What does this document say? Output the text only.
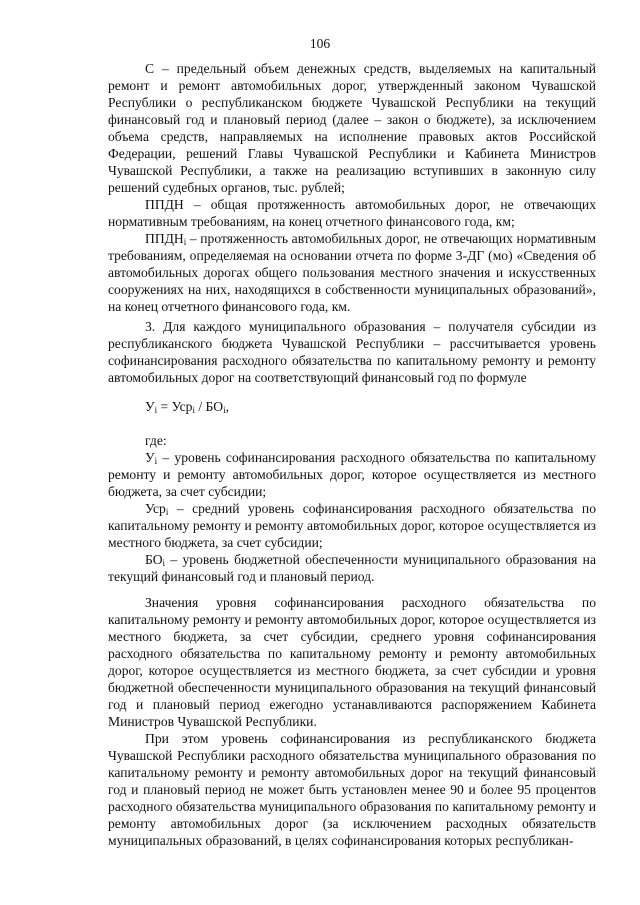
106

С – предельный объем денежных средств, выделяемых на капитальный ремонт и ремонт автомобильных дорог, утвержденный законом Чувашской Республики о республиканском бюджете Чувашской Республики на текущий финансовый год и плановый период (далее – закон о бюджете), за исключением объема средств, направляемых на исполнение правовых актов Российской Федерации, решений Главы Чувашской Республики и Кабинета Министров Чувашской Республики, а также на реализацию вступивших в законную силу решений судебных органов, тыс. рублей;

ППДН – общая протяженность автомобильных дорог, не отвечающих нормативным требованиям, на конец отчетного финансового года, км;

$ППДН_i$ – протяженность автомобильных дорог, не отвечающих нормативным требованиям, определяемая на основании отчета по форме 3-ДГ (мо) «Сведения об автомобильных дорогах общего пользования местного значения и искусственных сооружениях на них, находящихся в собственности муниципальных образований», на конец отчетного финансового года, км.

3. Для каждого муниципального образования – получателя субсидии из республиканского бюджета Чувашской Республики – рассчитывается уровень софинансирования расходного обязательства по капитальному ремонту и ремонту автомобильных дорог на соответствующий финансовый год по формуле

$У_i = Уср_i / БО_i$,

где:

$У_i$ – уровень софинансирования расходного обязательства по капитальному ремонту и ремонту автомобильных дорог, которое осуществляется из местного бюджета, за счет субсидии;

Уср$_i$ – средний уровень софинансирования расходного обязательства по капитальному ремонту и ремонту автомобильных дорог, которое осуществляется из местного бюджета, за счет субсидии;

$БО_i$ – уровень бюджетной обеспеченности муниципального образования на текущий финансовый год и плановый период.

Значения уровня софинансирования расходного обязательства по капитальному ремонту и ремонту автомобильных дорог, которое осуществляется из местного бюджета, за счет субсидии, среднего уровня софинансирования расходного обязательства по капитальному ремонту и ремонту автомобильных дорог, которое осуществляется из местного бюджета, за счет субсидии и уровня бюджетной обеспеченности муниципального образования на текущий финансовый год и плановый период ежегодно устанавливаются распоряжением Кабинета Министров Чувашской Республики.

При этом уровень софинансирования из республиканского бюджета Чувашской Республики расходного обязательства муниципального образования по капитальному ремонту и ремонту автомобильных дорог на текущий финансовый год и плановый период не может быть установлен менее 90 и более 95 процентов расходного обязательства муниципального образования по капитальному ремонту и ремонту автомобильных дорог (за исключением расходных обязательств муниципальных образований, в целях софинансирования которых республикан-
